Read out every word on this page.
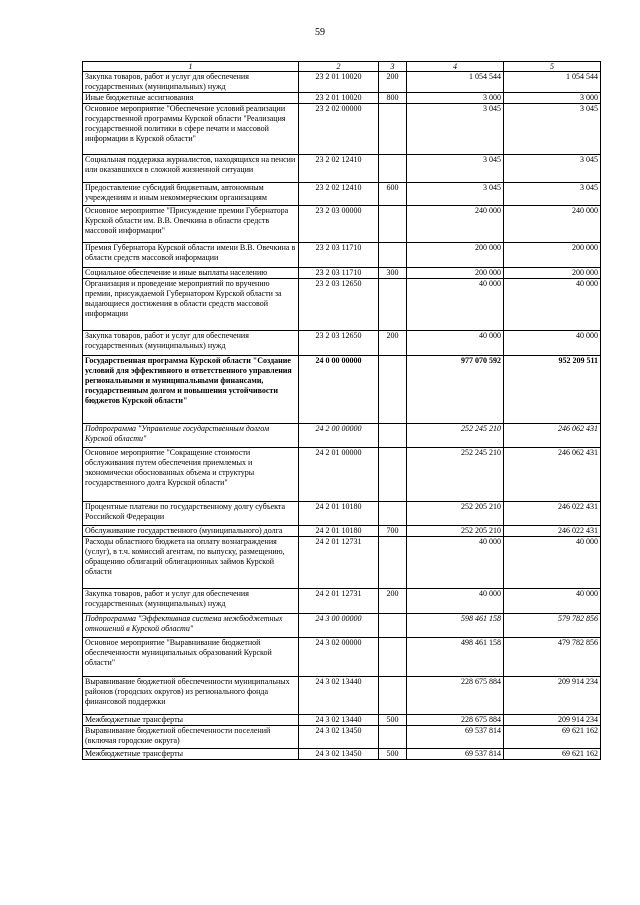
59
1	2	3	4	5
Закупка товаров, работ и услуг для обеспечения государственных (муниципальных) нужд	23 2 01 10020	200	1 054 544	1 054 544
Иные бюджетные ассигнования	23 2 01 10020	800	3 000	3 000
Основное мероприятие "Обеспечение условий реализации государственной программы Курской области "Реализация государственной политики в сфере печати и массовой информации в Курской области"	23 2 02 00000		3 045	3 045
Социальная поддержка журналистов, находящихся на пенсии или оказавшихся в сложной жизненной ситуации	23 2 02 12410		3 045	3 045
Предоставление субсидий бюджетным, автономным учреждениям и иным некоммерческим организациям	23 2 02 12410	600	3 045	3 045
Основное мероприятие "Присуждение премии Губернатора Курской области им. В.В. Овечкина в области средств массовой информации"	23 2 03 00000		240 000	240 000
Премия Губернатора Курской области имени В.В. Овечкина в области средств массовой информации	23 2 03 11710		200 000	200 000
Социальное обеспечение и иные выплаты населению	23 2 03 11710	300	200 000	200 000
Организация и проведение мероприятий по вручению премии, присуждаемой Губернатором Курской области за выдающиеся достижения в области средств массовой информации	23 2 03 12650		40 000	40 000
Закупка товаров, работ и услуг для обеспечения государственных (муниципальных) нужд	23 2 03 12650	200	40 000	40 000
Государственная программа Курской области "Создание условий для эффективного и ответственного управления региональными и муниципальными финансами, государственным долгом и повышения устойчивости бюджетов Курской области"	24 0 00 00000		977 070 592	952 209 511
Подпрограмма "Управление государственным долгом Курской области"	24 2 00 00000		252 245 210	246 062 431
Основное мероприятие "Сокращение стоимости обслуживания путем обеспечения приемлемых и экономически обоснованных объема и структуры государственного долга Курской области"	24 2 01 00000		252 245 210	246 062 431
Процентные платежи по государственному долгу субъекта Российской Федерации	24 2 01 10180		252 205 210	246 022 431
Обслуживание государственного (муниципального) долга	24 2 01 10180	700	252 205 210	246 022 431
Расходы областного бюджета на оплату вознаграждения (услуг), в т.ч. комиссий агентам, по выпуску, размещению, обращению облигаций облигационных займов Курской области	24 2 01 12731		40 000	40 000
Закупка товаров, работ и услуг для обеспечения государственных (муниципальных) нужд	24 2 01 12731	200	40 000	40 000
Подпрограмма "Эффективная система межбюджетных отношений в Курской области"	24 3 00 00000		598 461 158	579 782 856
Основное мероприятие "Выравнивание бюджетной обеспеченности муниципальных образований Курской области"	24 3 02 00000		498 461 158	479 782 856
Выравнивание бюджетной обеспеченности муниципальных районов (городских округов) из регионального фонда финансовой поддержки	24 3 02 13440		228 675 884	209 914 234
Межбюджетные трансферты	24 3 02 13440	500	228 675 884	209 914 234
Выравнивание бюджетной обеспеченности поселений (включая городские округа)	24 3 02 13450		69 537 814	69 621 162
Межбюджетные трансферты	24 3 02 13450	500	69 537 814	69 621 162
